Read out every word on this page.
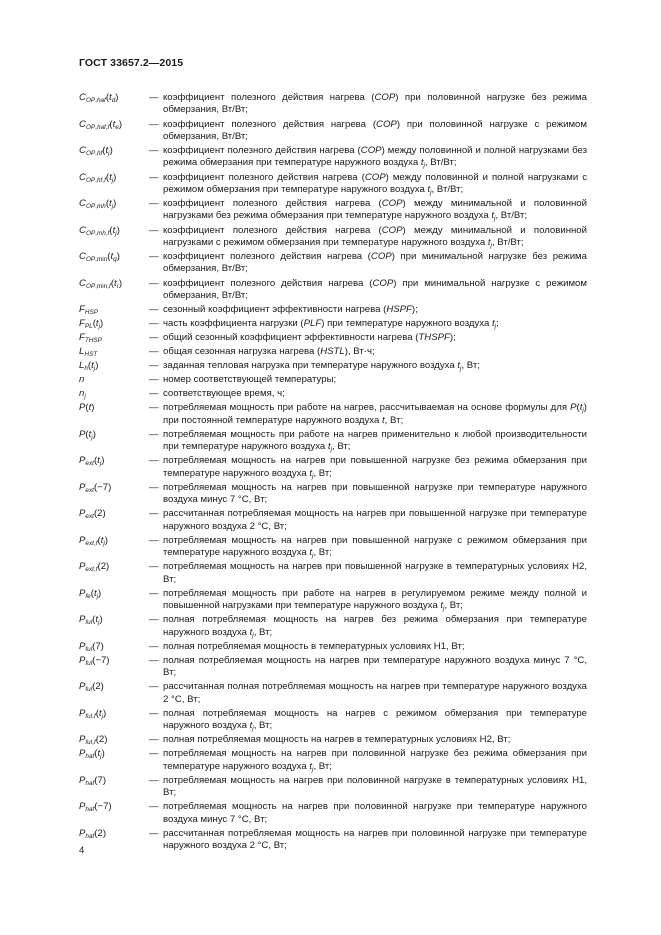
ГОСТ 33657.2—2015
$C_{OP,haf}(t_d)$	— коэффициент полезного действия нагрева (COP) при половинной нагрузке без режима обмерзания, Вт/Вт;
$C_{OP,haf,f}(t_e)$	— коэффициент полезного действия нагрева (COP) при половинной нагрузке с режимом обмерзания, Вт/Вт;
$C_{OP,hf}(t_j)$	— коэффициент полезного действия нагрева (COP) между половинной и полной нагрузками без режима обмерзания при температуре наружного воздуха $t_j$, Вт/Вт;
$C_{OP,hf,f}(t_j)$	— коэффициент полезного действия нагрева (COP) между половинной и полной нагрузками с режимом обмерзания при температуре наружного воздуха $t_j$, Вт/Вт;
$C_{OP,mh}(t_j)$	— коэффициент полезного действия нагрева (COP) между минимальной и половинной нагрузками без режима обмерзания при температуре наружного воздуха $t_j$, Вт/Вт;
$C_{OP,mh,f}(t_j)$	— коэффициент полезного действия нагрева (COP) между минимальной и половинной нагрузками с режимом обмерзания при температуре наружного воздуха $t_j$, Вт/Вт;
$C_{OP,min}(t_q)$	— коэффициент полезного действия нагрева (COP) при минимальной нагрузке без режима обмерзания, Вт/Вт;
$C_{OP,min,f}(t_r)$	— коэффициент полезного действия нагрева (COP) при минимальной нагрузке с режимом обмерзания, Вт/Вт;
$F_{HSP}$	— сезонный коэффициент эффективности нагрева (HSPF);
$F_{PL}(t_j)$	— часть коэффициента нагрузки (PLF) при температуре наружного воздуха $t_j$;
$F_{THSP}$	— общий сезонный коэффициент эффективности нагрева (THSPF);
$L_{HST}$	— общая сезонная нагрузка нагрева (HSTL), Вт·ч;
$L_h(t_j)$	— заданная тепловая нагрузка при температуре наружного воздуха $t_j$, Вт;
n	— номер соответствующей температуры;
$n_j$	— соответствующее время, ч;
P(t)	— потребляемая мощность при работе на нагрев, рассчитываемая на основе формулы для $P(t_j)$ при постоянной температуре наружного воздуха t, Вт;
$P(t_j)$	— потребляемая мощность при работе на нагрев применительно к любой производительности при температуре наружного воздуха $t_j$, Вт;
$P_{ext}(t_j)$	— потребляемая мощность на нагрев при повышенной нагрузке без режима обмерзания при температуре наружного воздуха $t_j$, Вт;
$P_{ext}(-7)$	— потребляемая мощность на нагрев при повышенной нагрузке при температуре наружного воздуха минус 7 °С, Вт;
$P_{ext}(2)$	— рассчитанная потребляемая мощность на нагрев при повышенной нагрузке при температуре наружного воздуха 2 °С, Вт;
$P_{ext,f}(t_j)$	— потребляемая мощность на нагрев при повышенной нагрузке с режимом обмерзания при температуре наружного воздуха $t_j$, Вт;
$P_{ext,f}(2)$	— потребляемая мощность на нагрев при повышенной нагрузке в температурных условиях Н2, Вт;
$P_{fe}(t_j)$	— потребляемая мощность при работе на нагрев в регулируемом режиме между полной и повышенной нагрузками при температуре наружного воздуха $t_j$, Вт;
$P_{ful}(t_j)$	— полная потребляемая мощность на нагрев без режима обмерзания при температуре наружного воздуха $t_j$, Вт;
$P_{ful}(7)$	— полная потребляемая мощность в температурных условиях Н1, Вт;
$P_{ful}(-7)$	— полная потребляемая мощность на нагрев при температуре наружного воздуха минус 7 °С, Вт;
$P_{ful}(2)$	— рассчитанная полная потребляемая мощность на нагрев при температуре наружного воздуха 2 °С, Вт;
$P_{ful,f}(t_j)$	— полная потребляемая мощность на нагрев с режимом обмерзания при температуре наружного воздуха $t_j$, Вт;
$P_{ful,f}(2)$	— полная потребляемая мощность на нагрев в температурных условиях Н2, Вт;
$P_{haf}(t_j)$	— потребляемая мощность на нагрев при половинной нагрузке без режима обмерзания при температуре наружного воздуха $t_j$, Вт;
$P_{haf}(7)$	— потребляемая мощность на нагрев при половинной нагрузке в температурных условиях Н1, Вт;
$P_{haf}(-7)$	— потребляемая мощность на нагрев при половинной нагрузке при температуре наружного воздуха минус 7 °С, Вт;
$P_{haf}(2)$	— рассчитанная потребляемая мощность на нагрев при половинной нагрузке при температуре наружного воздуха 2 °С, Вт;
4
